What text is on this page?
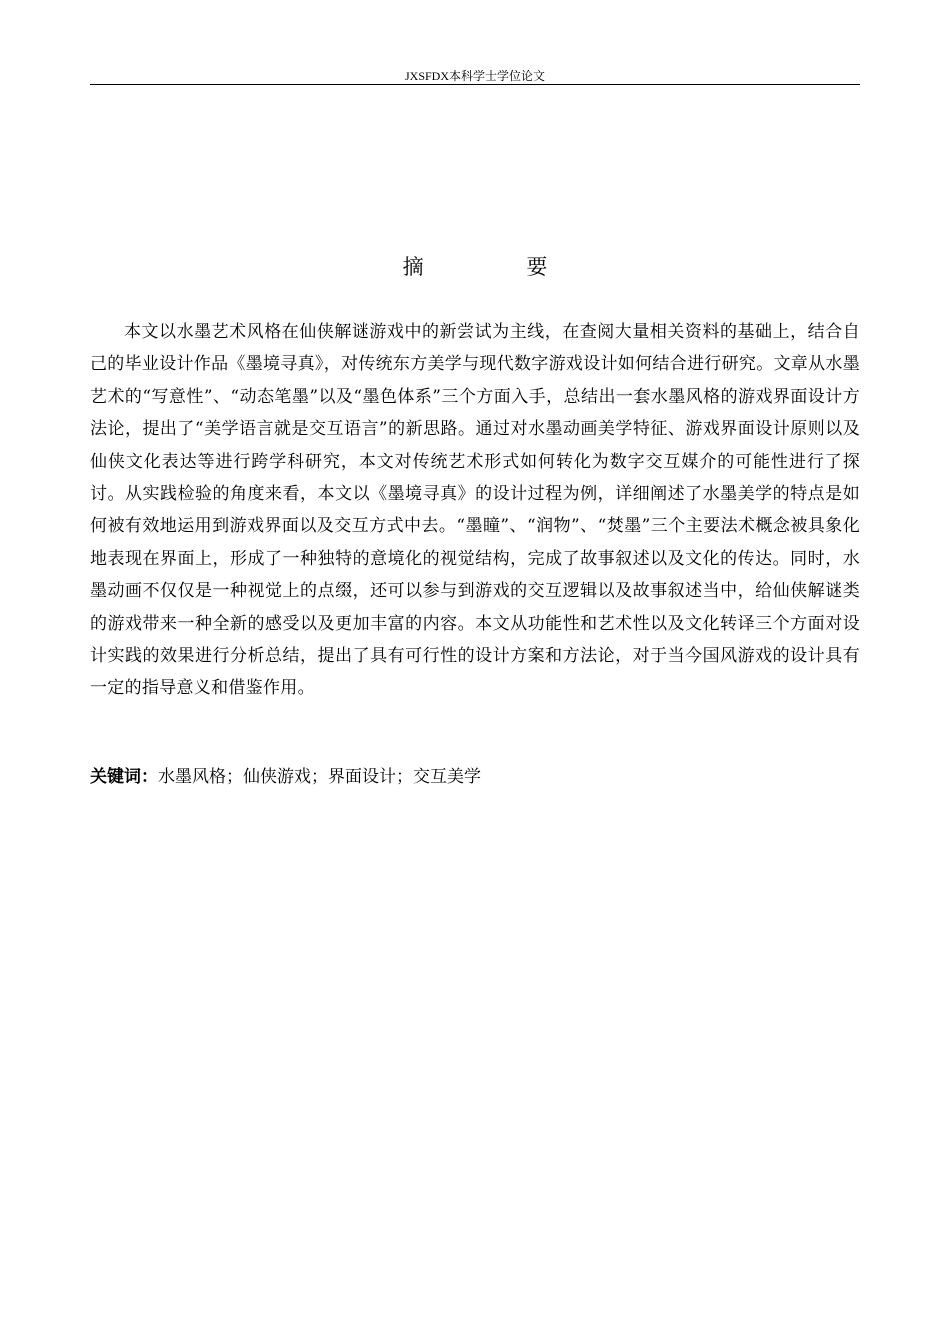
JXSFDX本科学士学位论文
摘 要

本文以水墨艺术风格在仙侠解谜游戏中的新尝试为主线，在查阅大量相关资料的基础上，结合自己的毕业设计作品《墨境寻真》，对传统东方美学与现代数字游戏设计如何结合进行研究。文章从水墨艺术的“写意性”、“动态笔墨”以及“墨色体系”三个方面入手，总结出一套水墨风格的游戏界面设计方法论，提出了“美学语言就是交互语言”的新思路。通过对水墨动画美学特征、游戏界面设计原则以及仙侠文化表达等进行跨学科研究，本文对传统艺术形式如何转化为数字交互媒介的可能性进行了探讨。从实践检验的角度来看，本文以《墨境寻真》的设计过程为例，详细阐述了水墨美学的特点是如何被有效地运用到游戏界面以及交互方式中去。“墨瞳”、“润物”、“焚墨”三个主要法术概念被具象化地表现在界面上，形成了一种独特的意境化的视觉结构，完成了故事叙述以及文化的传达。同时，水墨动画不仅仅是一种视觉上的点缀，还可以参与到游戏的交互逻辑以及故事叙述当中，给仙侠解谜类的游戏带来一种全新的感受以及更加丰富的内容。本文从功能性和艺术性以及文化转译三个方面对设计实践的效果进行分析总结，提出了具有可行性的设计方案和方法论，对于当今国风游戏的设计具有一定的指导意义和借鉴作用。

关键词：水墨风格；仙侠游戏；界面设计；交互美学
